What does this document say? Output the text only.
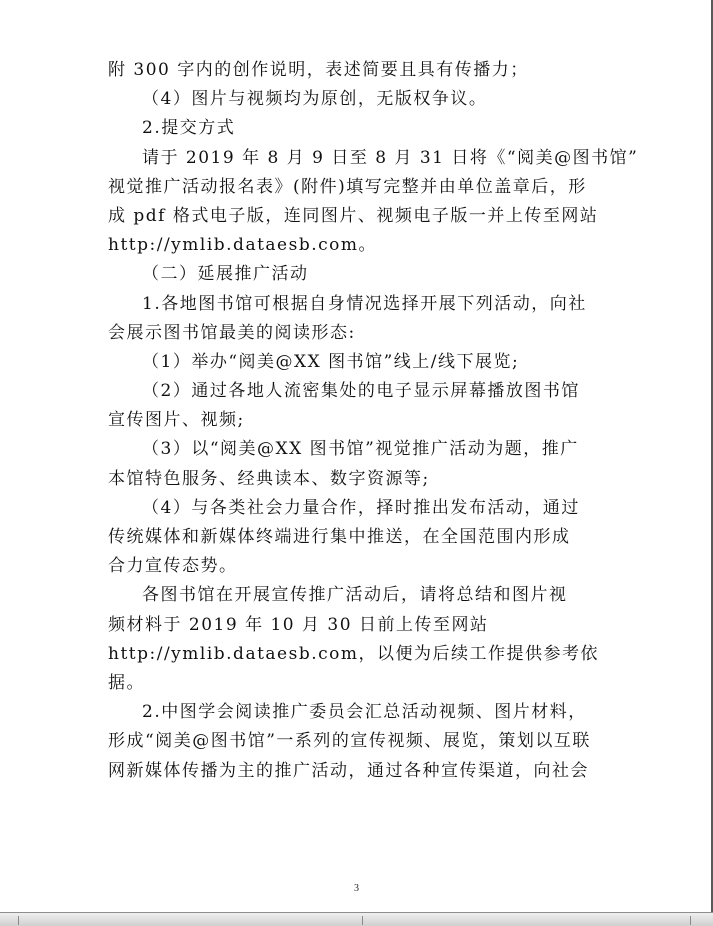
附 300 字内的创作说明，表述简要且具有传播力；
（4）图片与视频均为原创，无版权争议。
2.提交方式
请于 2019 年 8 月 9 日至 8 月 31 日将《“阅美@图书馆”
视觉推广活动报名表》(附件)填写完整并由单位盖章后，形
成 pdf 格式电子版，连同图片、视频电子版一并上传至网站
http://ymlib.dataesb.com。
（二）延展推广活动
1.各地图书馆可根据自身情况选择开展下列活动，向社
会展示图书馆最美的阅读形态:
（1）举办“阅美@XX 图书馆”线上/线下展览;
（2）通过各地人流密集处的电子显示屏幕播放图书馆
宣传图片、视频;
（3）以“阅美@XX 图书馆”视觉推广活动为题，推广
本馆特色服务、经典读本、数字资源等;
（4）与各类社会力量合作，择时推出发布活动，通过
传统媒体和新媒体终端进行集中推送，在全国范围内形成
合力宣传态势。
各图书馆在开展宣传推广活动后，请将总结和图片视
频材料于 2019 年 10 月 30 日前上传至网站
http://ymlib.dataesb.com，以便为后续工作提供参考依
据。
2.中图学会阅读推广委员会汇总活动视频、图片材料，
形成“阅美@图书馆”一系列的宣传视频、展览，策划以互联
网新媒体传播为主的推广活动，通过各种宣传渠道，向社会
3
